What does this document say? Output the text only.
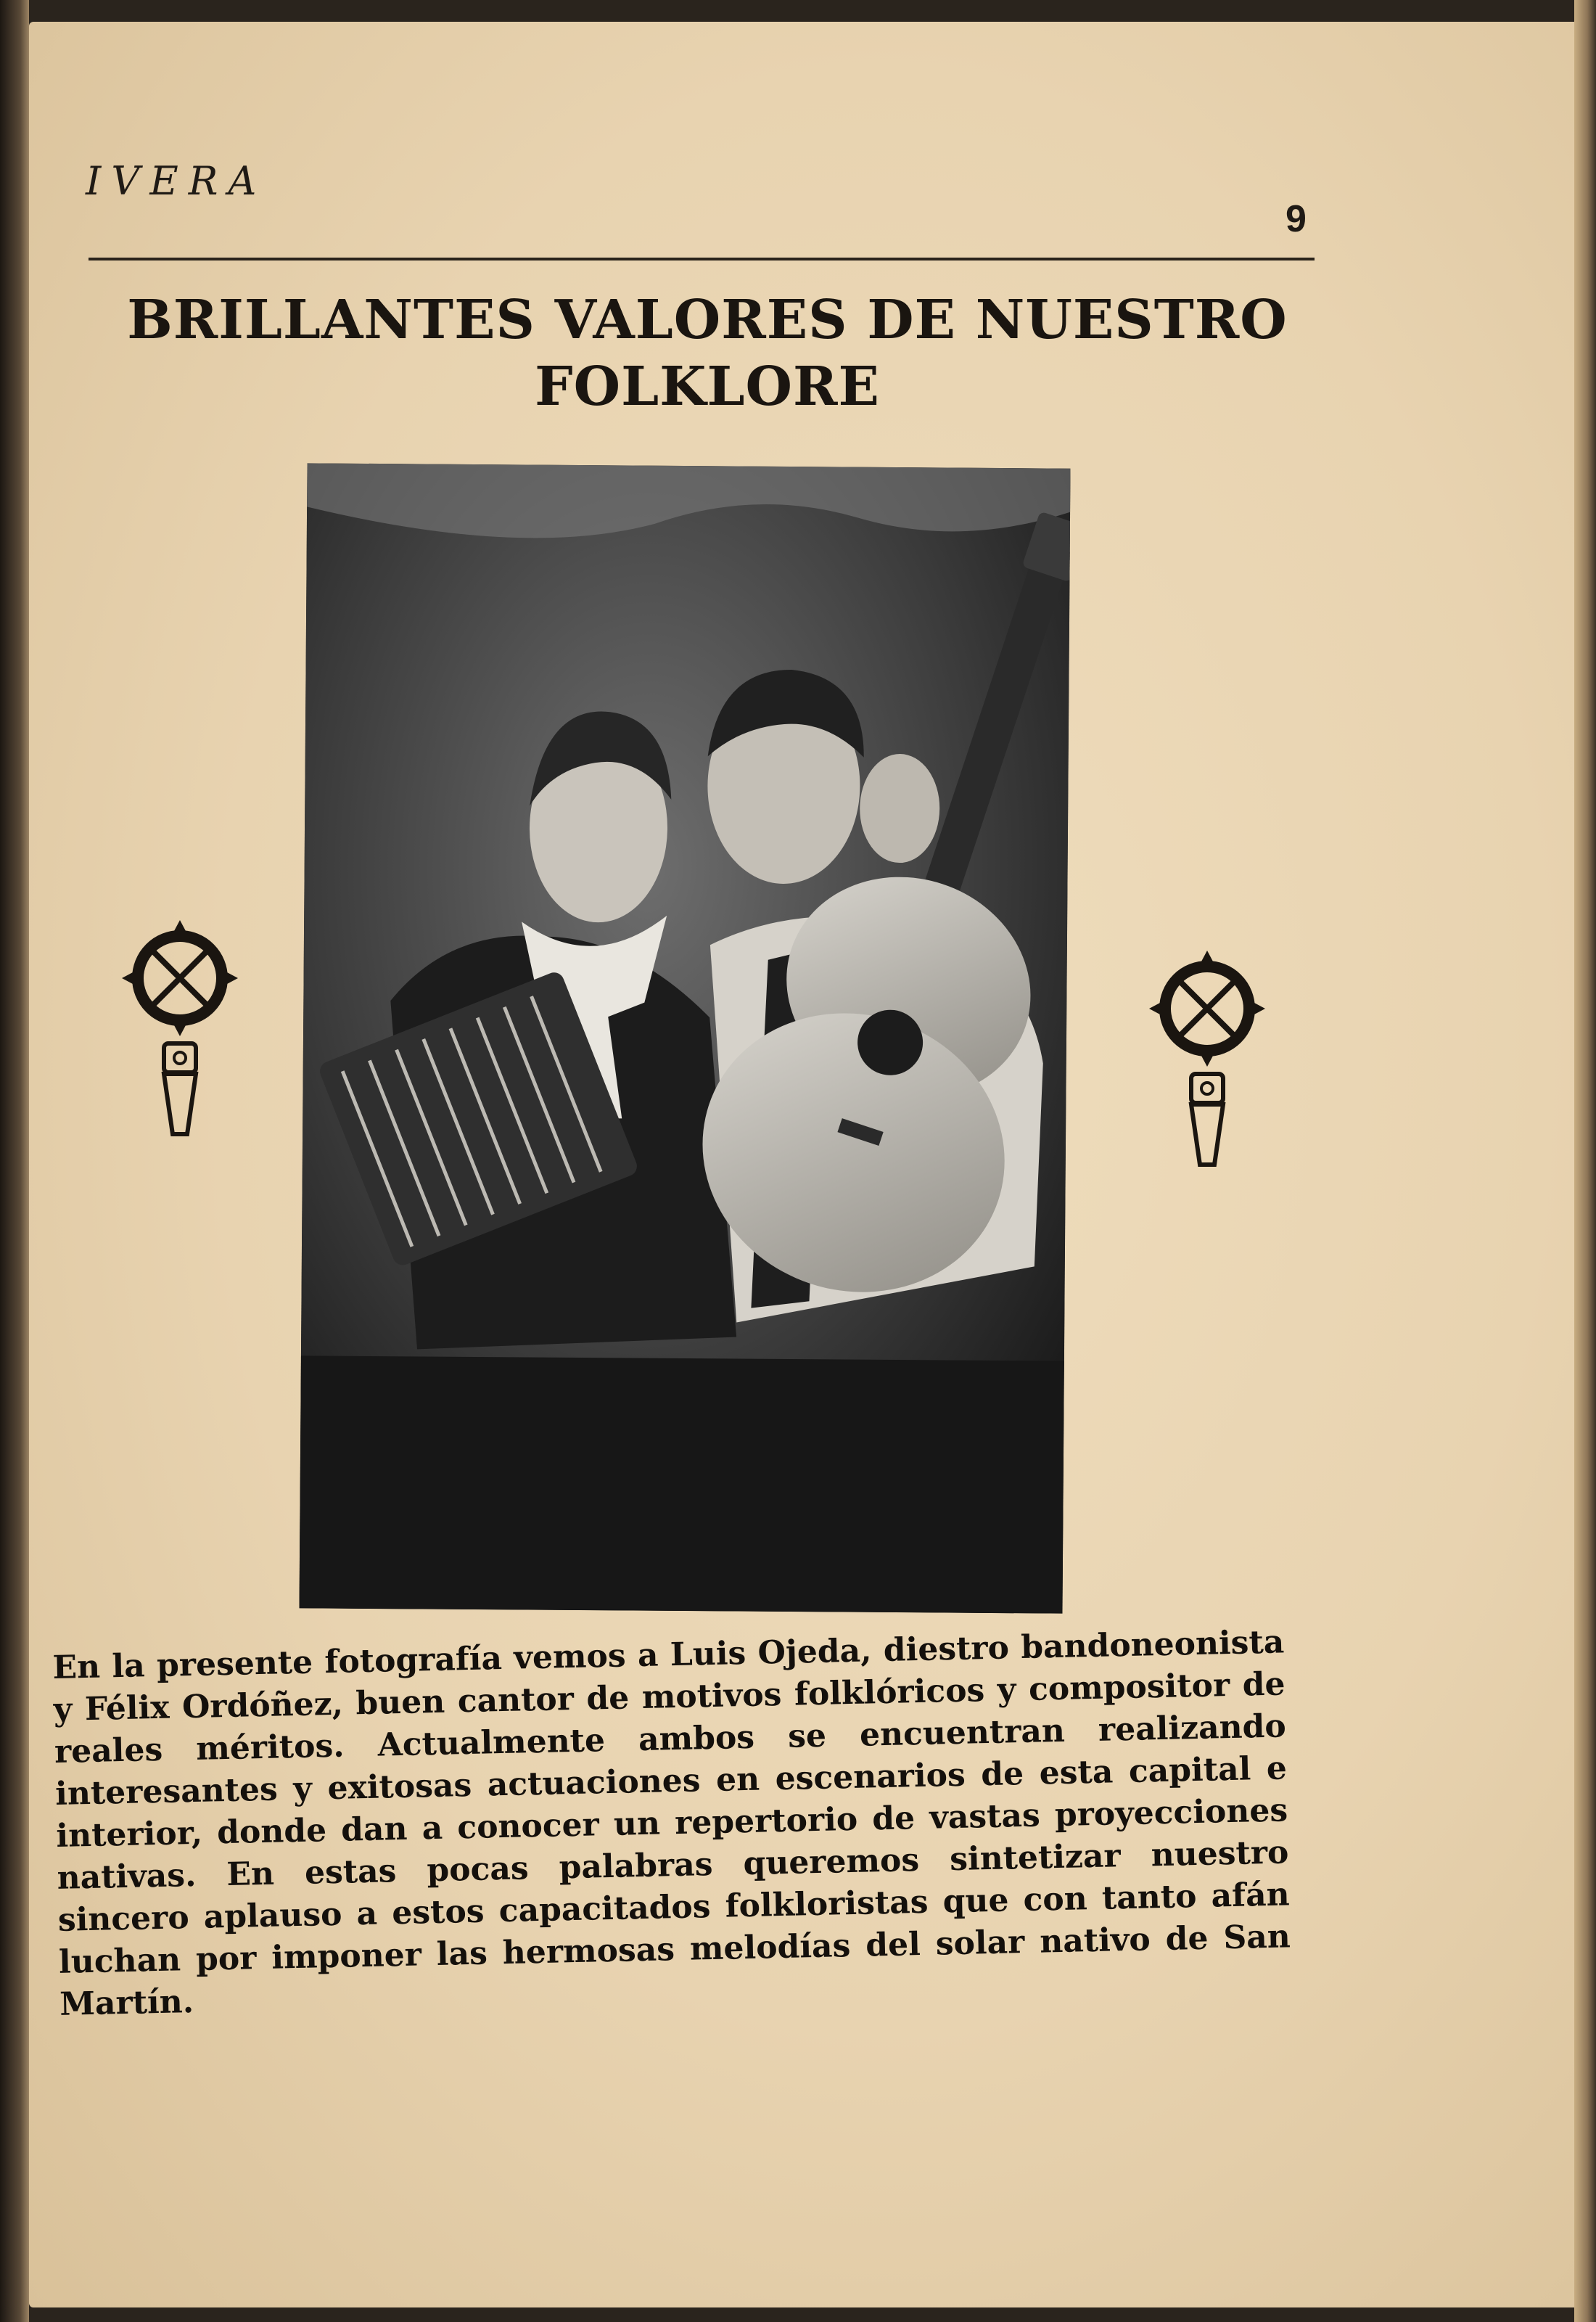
IVERA
9
BRILLANTES VALORES DE NUESTRO
FOLKLORE
En la presente fotografía vemos a Luis Ojeda, diestro bandoneonista y Félix Ordóñez, buen cantor de motivos folklóricos y compositor de reales méritos. Actualmente ambos se encuentran realizando interesantes y exitosas actuaciones en escenarios de esta capital e interior, donde dan a conocer un repertorio de vastas proyecciones nativas. En estas pocas palabras queremos sintetizar nuestro sincero aplauso a estos capacitados folkloristas que con tanto afán luchan por imponer las hermosas melodías del solar nativo de San Martín.
